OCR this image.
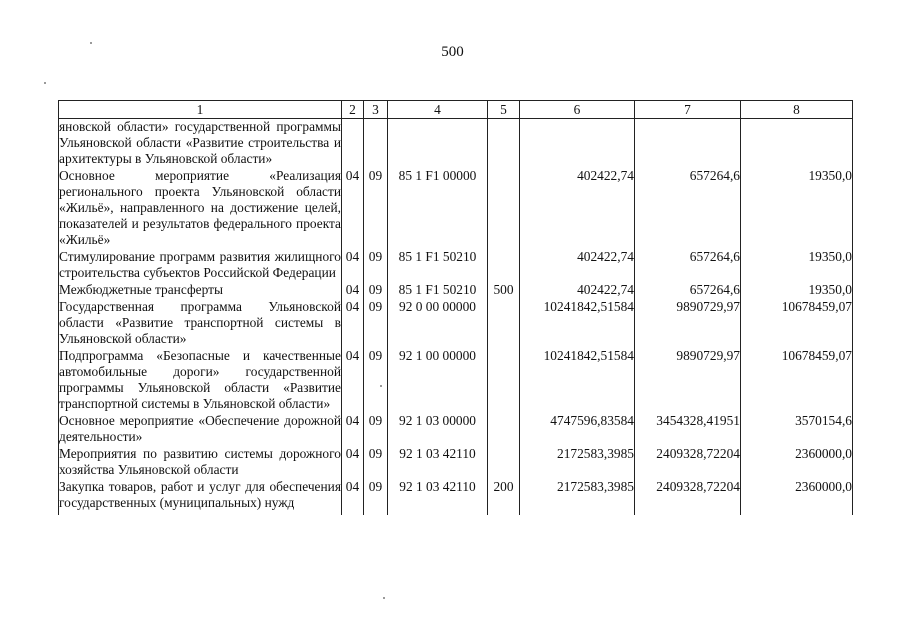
500
1	2	3	4	5	6	7	8
яновской области» государственной программы Ульяновской области «Развитие строительства и архитектуры в Ульяновской области»							
Основное мероприятие «Реализация регионального проекта Ульяновской области «Жильё», направленного на достижение целей, показателей и результатов федерального проекта «Жильё»	04	09	85 1 F1 00000		402422,74	657264,6	19350,0
Стимулирование программ развития жилищного строительства субъектов Российской Федерации	04	09	85 1 F1 50210		402422,74	657264,6	19350,0
Межбюджетные трансферты	04	09	85 1 F1 50210	500	402422,74	657264,6	19350,0
Государственная программа Ульяновской области «Развитие транспортной системы в Ульяновской области»	04	09	92 0 00 00000		10241842,51584	9890729,97	10678459,07
Подпрограмма «Безопасные и качественные автомобильные дороги» государственной программы Ульяновской области «Развитие транспортной системы в Ульяновской области»	04	09	92 1 00 00000		10241842,51584	9890729,97	10678459,07
Основное мероприятие «Обеспечение дорожной деятельности»	04	09	92 1 03 00000		4747596,83584	3454328,41951	3570154,6
Мероприятия по развитию системы дорожного хозяйства Ульяновской области	04	09	92 1 03 42110		2172583,3985	2409328,72204	2360000,0
Закупка товаров, работ и услуг для обеспечения государственных (муниципальных) нужд	04	09	92 1 03 42110	200	2172583,3985	2409328,72204	2360000,0
